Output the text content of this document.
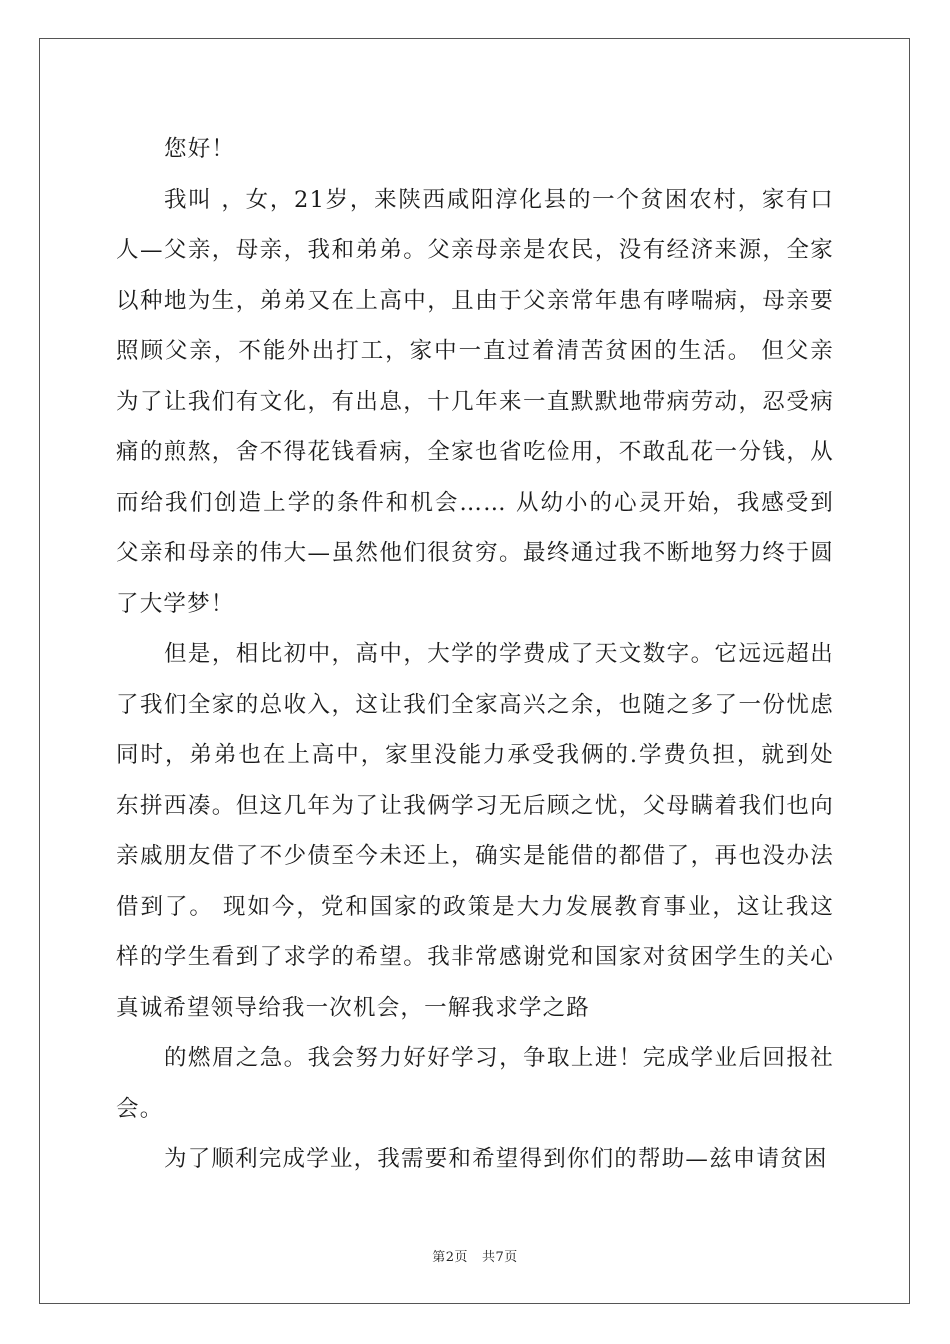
您好！

我叫 ，女，21岁，来陕西咸阳淳化县的一个贫困农村，家有口人—父亲，母亲，我和弟弟。父亲母亲是农民，没有经济来源，全家以种地为生，弟弟又在上高中，且由于父亲常年患有哮喘病，母亲要照顾父亲，不能外出打工，家中一直过着清苦贫困的生活。 但父亲为了让我们有文化，有出息，十几年来一直默默地带病劳动，忍受病痛的煎熬，舍不得花钱看病，全家也省吃俭用，不敢乱花一分钱，从而给我们创造上学的条件和机会…… 从幼小的心灵开始，我感受到父亲和母亲的伟大—虽然他们很贫穷。最终通过我不断地努力终于圆了大学梦！

但是，相比初中，高中，大学的学费成了天文数字。它远远超出了我们全家的总收入，这让我们全家高兴之余，也随之多了一份忧虑同时，弟弟也在上高中，家里没能力承受我俩的.学费负担，就到处东拼西凑。但这几年为了让我俩学习无后顾之忧，父母瞒着我们也向亲戚朋友借了不少债至今未还上，确实是能借的都借了，再也没办法借到了。 现如今，党和国家的政策是大力发展教育事业，这让我这样的学生看到了求学的希望。我非常感谢党和国家对贫困学生的关心真诚希望领导给我一次机会，一解我求学之路

的燃眉之急。我会努力好好学习，争取上进！完成学业后回报社会。

为了顺利完成学业，我需要和希望得到你们的帮助—兹申请贫困

第2页 共7页
